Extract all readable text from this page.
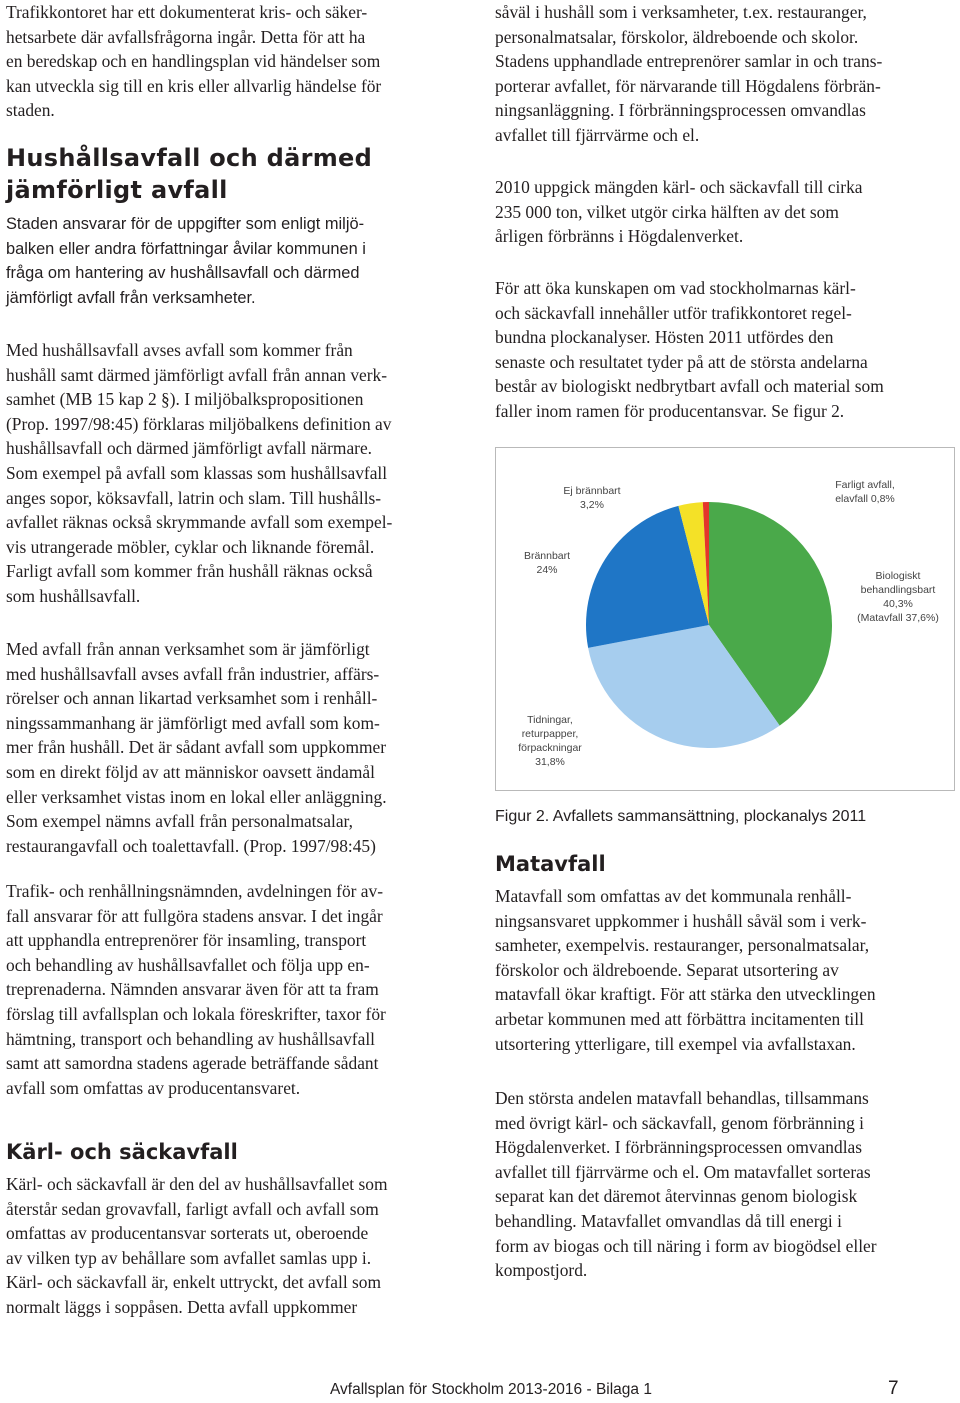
Trafikkontoret har ett dokumenterat kris- och säker-
hetsarbete där avfallsfrågorna ingår. Detta för att ha
en beredskap och en handlingsplan vid händelser som
kan utveckla sig till en kris eller allvarlig händelse för
staden.

Hushållsavfall och därmed
jämförligt avfall

Staden ansvarar för de uppgifter som enligt miljö-
balken eller andra författningar åvilar kommunen i
fråga om hantering av hushållsavfall och därmed
jämförligt avfall från verksamheter.

Med hushållsavfall avses avfall som kommer från
hushåll samt därmed jämförligt avfall från annan verk-
samhet (MB 15 kap 2 §). I miljöbalkspropositionen
(Prop. 1997/98:45) förklaras miljöbalkens definition av
hushållsavfall och därmed jämförligt avfall närmare.
Som exempel på avfall som klassas som hushållsavfall
anges sopor, köksavfall, latrin och slam. Till hushålls-
avfallet räknas också skrymmande avfall som exempel-
vis utrangerade möbler, cyklar och liknande föremål.
Farligt avfall som kommer från hushåll räknas också
som hushållsavfall.

Med avfall från annan verksamhet som är jämförligt
med hushållsavfall avses avfall från industrier, affärs-
rörelser och annan likartad verksamhet som i renhåll-
ningssammanhang är jämförligt med avfall som kom-
mer från hushåll. Det är sådant avfall som uppkommer
som en direkt följd av att människor oavsett ändamål
eller verksamhet vistas inom en lokal eller anläggning.
Som exempel nämns avfall från personalmatsalar,
restaurangavfall och toalettavfall. (Prop. 1997/98:45)

Trafik- och renhållningsnämnden, avdelningen för av-
fall ansvarar för att fullgöra stadens ansvar. I det ingår
att upphandla entreprenörer för insamling, transport
och behandling av hushållsavfallet och följa upp en-
treprenaderna. Nämnden ansvarar även för att ta fram
förslag till avfallsplan och lokala föreskrifter, taxor för
hämtning, transport och behandling av hushållsavfall
samt att samordna stadens agerade beträffande sådant
avfall som omfattas av producentansvaret.

Kärl- och säckavfall

Kärl- och säckavfall är den del av hushållsavfallet som
återstår sedan grovavfall, farligt avfall och avfall som
omfattas av producentansvar sorterats ut, oberoende
av vilken typ av behållare som avfallet samlas upp i.
Kärl- och säckavfall är, enkelt uttryckt, det avfall som
normalt läggs i soppåsen. Detta avfall uppkommer

såväl i hushåll som i verksamheter, t.ex. restauranger,
personalmatsalar, förskolor, äldreboende och skolor.
Stadens upphandlade entreprenörer samlar in och trans-
porterar avfallet, för närvarande till Högdalens förbrän-
ningsanläggning. I förbränningsprocessen omvandlas
avfallet till fjärrvärme och el.

2010 uppgick mängden kärl- och säckavfall till cirka
235 000 ton, vilket utgör cirka hälften av det som
årligen förbränns i Högdalenverket.

För att öka kunskapen om vad stockholmarnas kärl-
och säckavfall innehåller utför trafikkontoret regel-
bundna plockanalyser. Hösten 2011 utfördes den
senaste och resultatet tyder på att de största andelarna
består av biologiskt nedbrytbart avfall och material som
faller inom ramen för producentansvar. Se figur 2.

Biologiskt behandlingsbart 40,3% (Matavfall 37,6%)
Tidningar, returpapper, förpackningar 31,8%
Brännbart 24%
Ej brännbart 3,2%
Farligt avfall, elavfall 0,8%
Figur 2. Avfallets sammansättning, plockanalys 2011
Matavfall

Matavfall som omfattas av det kommunala renhåll-
ningsansvaret uppkommer i hushåll såväl som i verk-
samheter, exempelvis. restauranger, personalmatsalar,
förskolor och äldreboende. Separat utsortering av
matavfall ökar kraftigt. För att stärka den utvecklingen
arbetar kommunen med att förbättra incitamenten till
utsortering ytterligare, till exempel via avfallstaxan.

Den största andelen matavfall behandlas, tillsammans
med övrigt kärl- och säckavfall, genom förbränning i
Högdalenverket. I förbränningsprocessen omvandlas
avfallet till fjärrvärme och el. Om matavfallet sorteras
separat kan det däremot återvinnas genom biologisk
behandling. Matavfallet omvandlas då till energi i
form av biogas och till näring i form av biogödsel eller
kompostjord.

Avfallsplan för Stockholm 2013-2016 - Bilaga 1	7
